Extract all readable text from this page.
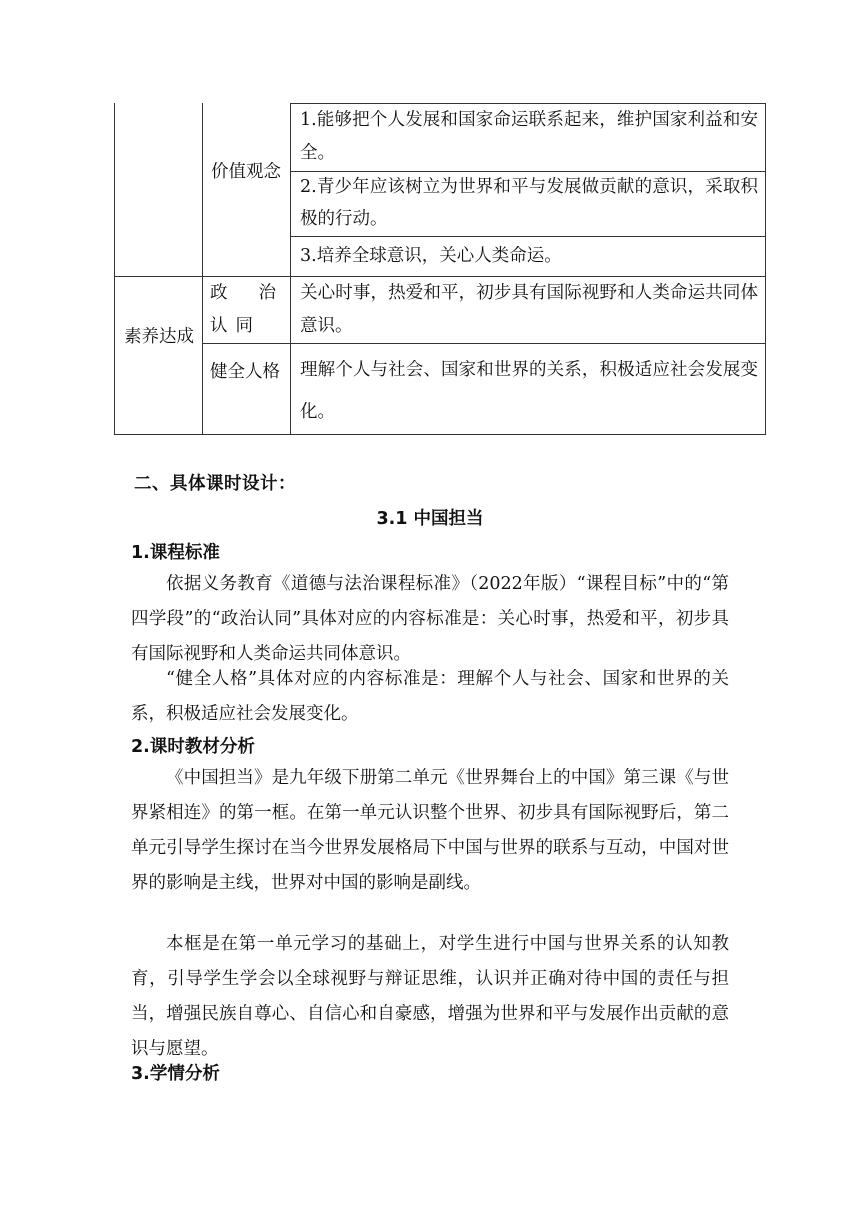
价值观念
1.能够把个人发展和国家命运联系起来，维护国家利益和安全。
2.青少年应该树立为世界和平与发展做贡献的意识，采取积极的行动。
3.培养全球意识，关心人类命运。
素养达成
政治认同
关心时事，热爱和平，初步具有国际视野和人类命运共同体意识。
健全人格 理解个人与社会、国家和世界的关系，积极适应社会发展变化。
二、具体课时设计：
3.1 中国担当
1.课程标准
依据义务教育《道德与法治课程标准》（2022年版）“课程目标”中的“第四学段”的“政治认同”具体对应的内容标准是：关心时事，热爱和平，初步具有国际视野和人类命运共同体意识。
“健全人格”具体对应的内容标准是：理解个人与社会、国家和世界的关系，积极适应社会发展变化。
2.课时教材分析
《中国担当》是九年级下册第二单元《世界舞台上的中国》第三课《与世界紧相连》的第一框。在第一单元认识整个世界、初步具有国际视野后，第二单元引导学生探讨在当今世界发展格局下中国与世界的联系与互动，中国对世界的影响是主线，世界对中国的影响是副线。
本框是在第一单元学习的基础上，对学生进行中国与世界关系的认知教育，引导学生学会以全球视野与辩证思维，认识并正确对待中国的责任与担当，增强民族自尊心、自信心和自豪感，增强为世界和平与发展作出贡献的意识与愿望。
3.学情分析
